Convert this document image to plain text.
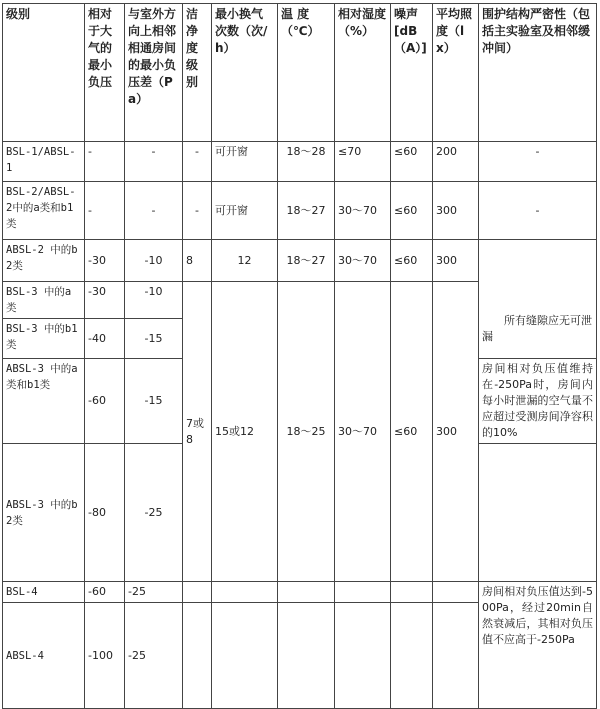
级别	相对于大气的最小负压	与室外方向上相邻相通房间的最小负压差（Pa）	洁净度级别	最小换气次数（次/h）	温 度（℃）	相对湿度（%）	噪声[dB（A）]	平均照度（lx）	围护结构严密性（包括主实验室及相邻缓冲间）
BSL-1/ABSL-1	-	-	-	可开窗	18～28	≤70	≤60	200	-
BSL-2/ABSL-2中的a类和b1类	-	-	-	可开窗	18～27	30～70	≤60	300	-
ABSL-2 中的b2类	-30	-10	8	12	18～27	30～70	≤60	300	所有缝隙应无可泄漏

BSL-3 中的a类	-30	-10	7或8	15或12	18～25	30～70	≤60	300	
BSL-3 中的b1类	-40	-15							
ABSL-3 中的a类和b1类	-60	-15							房间相对负压值维持在-250Pa时，房间内每小时泄漏的空气量不应超过受测房间净容积的10%
ABSL-3 中的b2类	-80	-25							
BSL-4	-60	-25							房间相对负压值达到-500Pa，经过20min自然衰减后，其相对负压值不应高于-250Pa
ABSL-4	-100	-25							
